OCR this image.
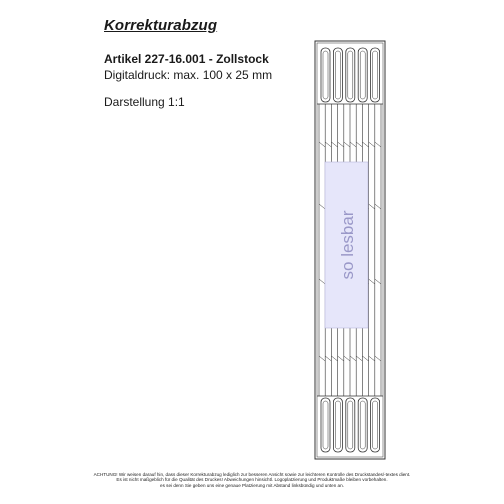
Korrekturabzug
Artikel 227-16.001 - Zollstock
Digitaldruck: max. 100 x 25 mm
Darstellung 1:1
so lesbar
ACHTUNG! Wir weisen darauf hin, dass dieser Korrekturabzug lediglich zur besseren Ansicht sowie zur leichteren Kontrolle des Druckstandes/-textes dient.
Es ist nicht maßgeblich für die Qualität des Druckes! Abweichungen hinsichtl. Logoplatzierung und Produktmaße bleiben vorbehalten.
es sei denn Sie geben uns eine genaue Platzierung mit Abstand linksbündig und unten an.
